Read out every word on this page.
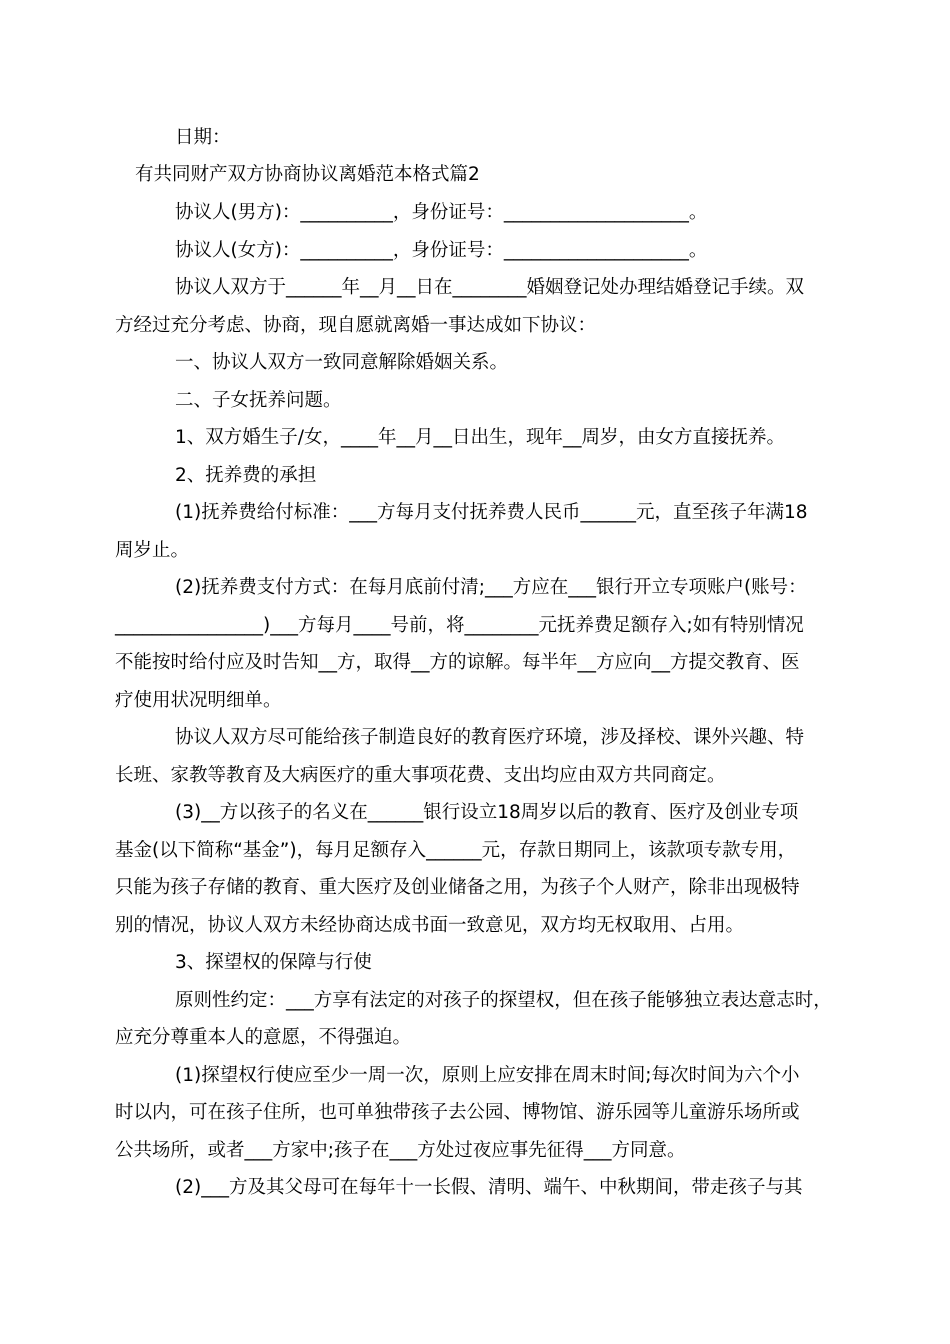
日期：
有共同财产双方协商协议离婚范本格式篇2
协议人(男方)：__________，身份证号：____________________。
协议人(女方)：__________，身份证号：____________________。
协议人双方于______年__月__日在________婚姻登记处办理结婚登记手续。双
方经过充分考虑、协商，现自愿就离婚一事达成如下协议：
一、协议人双方一致同意解除婚姻关系。
二、子女抚养问题。
1、双方婚生子/女，____年__月__日出生，现年__周岁，由女方直接抚养。
2、抚养费的承担
(1)抚养费给付标准：___方每月支付抚养费人民币______元，直至孩子年满18
周岁止。
(2)抚养费支付方式：在每月底前付清;___方应在___银行开立专项账户(账号：
________________)___方每月____号前，将________元抚养费足额存入;如有特别情况
不能按时给付应及时告知__方，取得__方的谅解。每半年__方应向__方提交教育、医
疗使用状况明细单。
协议人双方尽可能给孩子制造良好的教育医疗环境，涉及择校、课外兴趣、特
长班、家教等教育及大病医疗的重大事项花费、支出均应由双方共同商定。
(3)__方以孩子的名义在______银行设立18周岁以后的教育、医疗及创业专项
基金(以下简称“基金”)，每月足额存入______元，存款日期同上，该款项专款专用，
只能为孩子存储的教育、重大医疗及创业储备之用，为孩子个人财产，除非出现极特
别的情况，协议人双方未经协商达成书面一致意见，双方均无权取用、占用。
3、探望权的保障与行使
原则性约定：___方享有法定的对孩子的探望权，但在孩子能够独立表达意志时，
应充分尊重本人的意愿，不得强迫。
(1)探望权行使应至少一周一次，原则上应安排在周末时间;每次时间为六个小
时以内，可在孩子住所，也可单独带孩子去公园、博物馆、游乐园等儿童游乐场所或
公共场所，或者___方家中;孩子在___方处过夜应事先征得___方同意。
(2)___方及其父母可在每年十一长假、清明、端午、中秋期间，带走孩子与其
